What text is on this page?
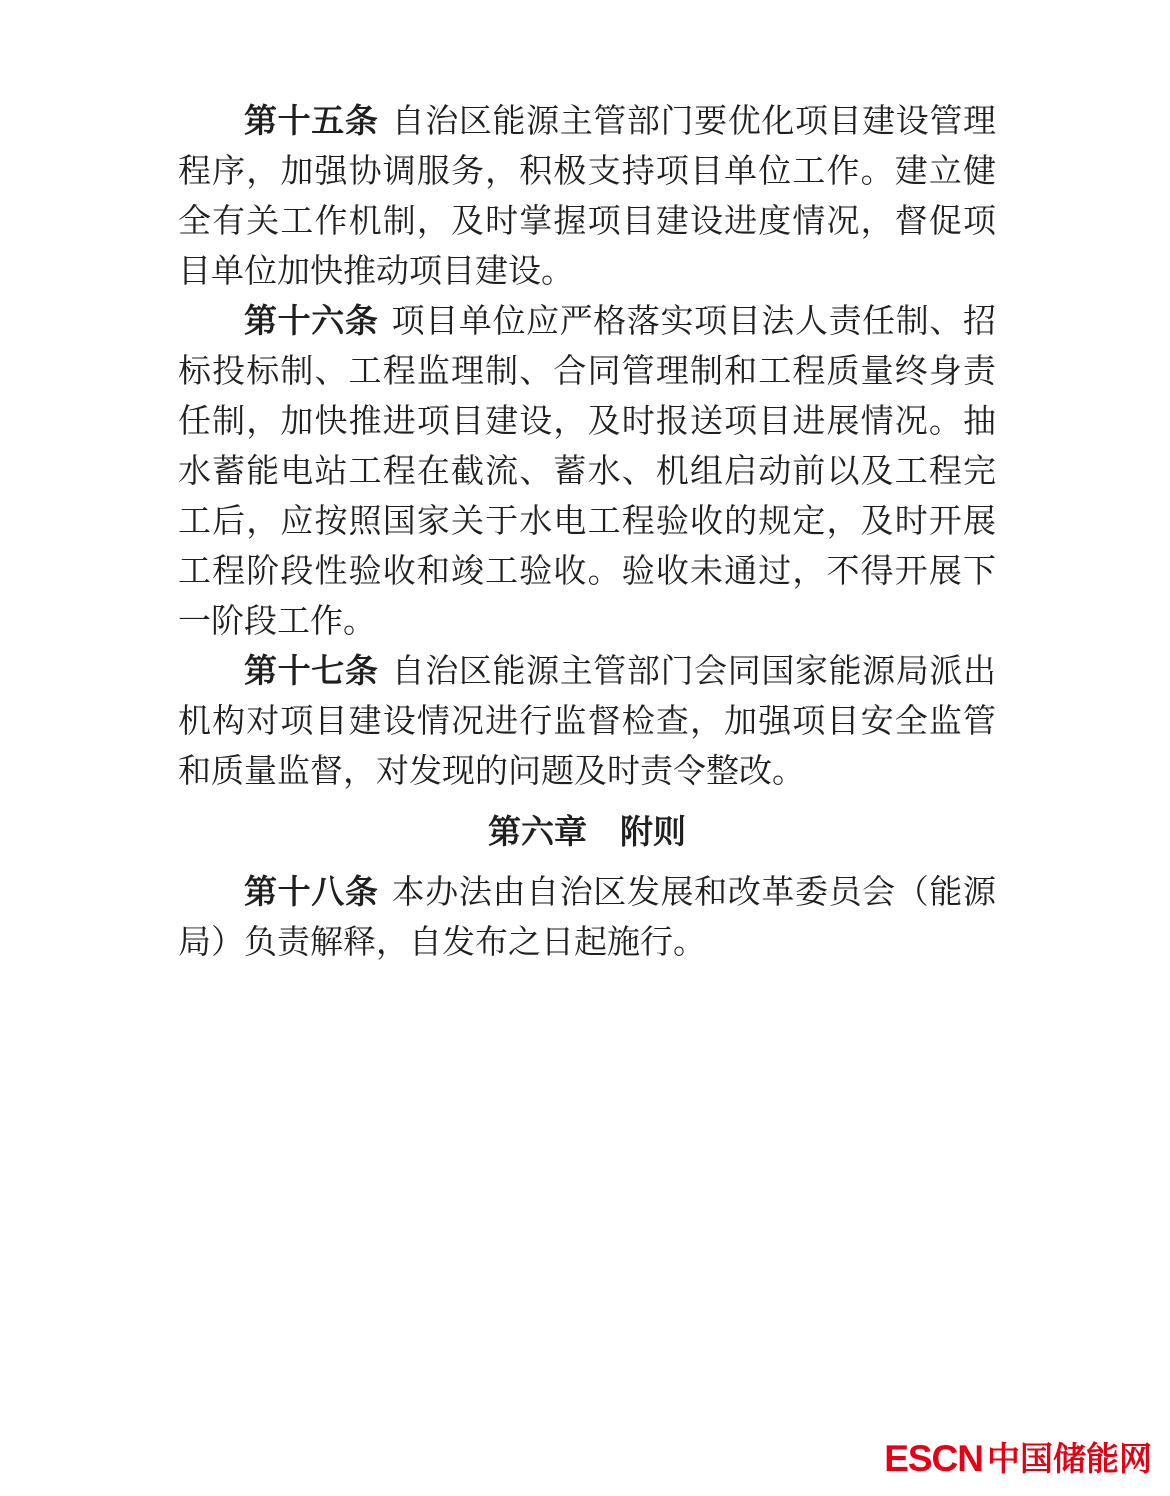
第十五条 自治区能源主管部门要优化项目建设管理程序，加强协调服务，积极支持项目单位工作。建立健全有关工作机制，及时掌握项目建设进度情况，督促项目单位加快推动项目建设。

第十六条 项目单位应严格落实项目法人责任制、招标投标制、工程监理制、合同管理制和工程质量终身责任制，加快推进项目建设，及时报送项目进展情况。抽水蓄能电站工程在截流、蓄水、机组启动前以及工程完工后，应按照国家关于水电工程验收的规定，及时开展工程阶段性验收和竣工验收。验收未通过，不得开展下一阶段工作。

第十七条 自治区能源主管部门会同国家能源局派出机构对项目建设情况进行监督检查，加强项目安全监管和质量监督，对发现的问题及时责令整改。

第六章　附则

第十八条 本办法由自治区发展和改革委员会（能源局）负责解释，自发布之日起施行。

ESCN 中国储能网
